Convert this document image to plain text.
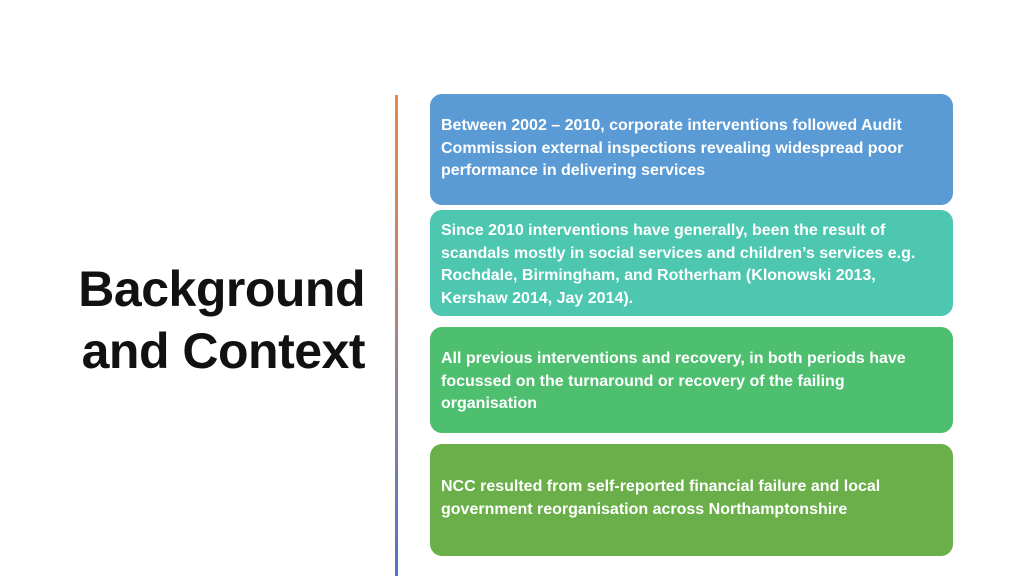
Background
and Context
Between 2002 – 2010, corporate interventions followed Audit Commission external inspections revealing widespread poor performance in delivering services
Since 2010 interventions have generally, been the result of scandals mostly in social services and children’s services e.g. Rochdale, Birmingham, and Rotherham (Klonowski 2013, Kershaw 2014, Jay 2014).
All previous interventions and recovery, in both periods have focussed on the turnaround or recovery of the failing organisation
NCC resulted from self-reported financial failure and local government reorganisation across Northamptonshire
